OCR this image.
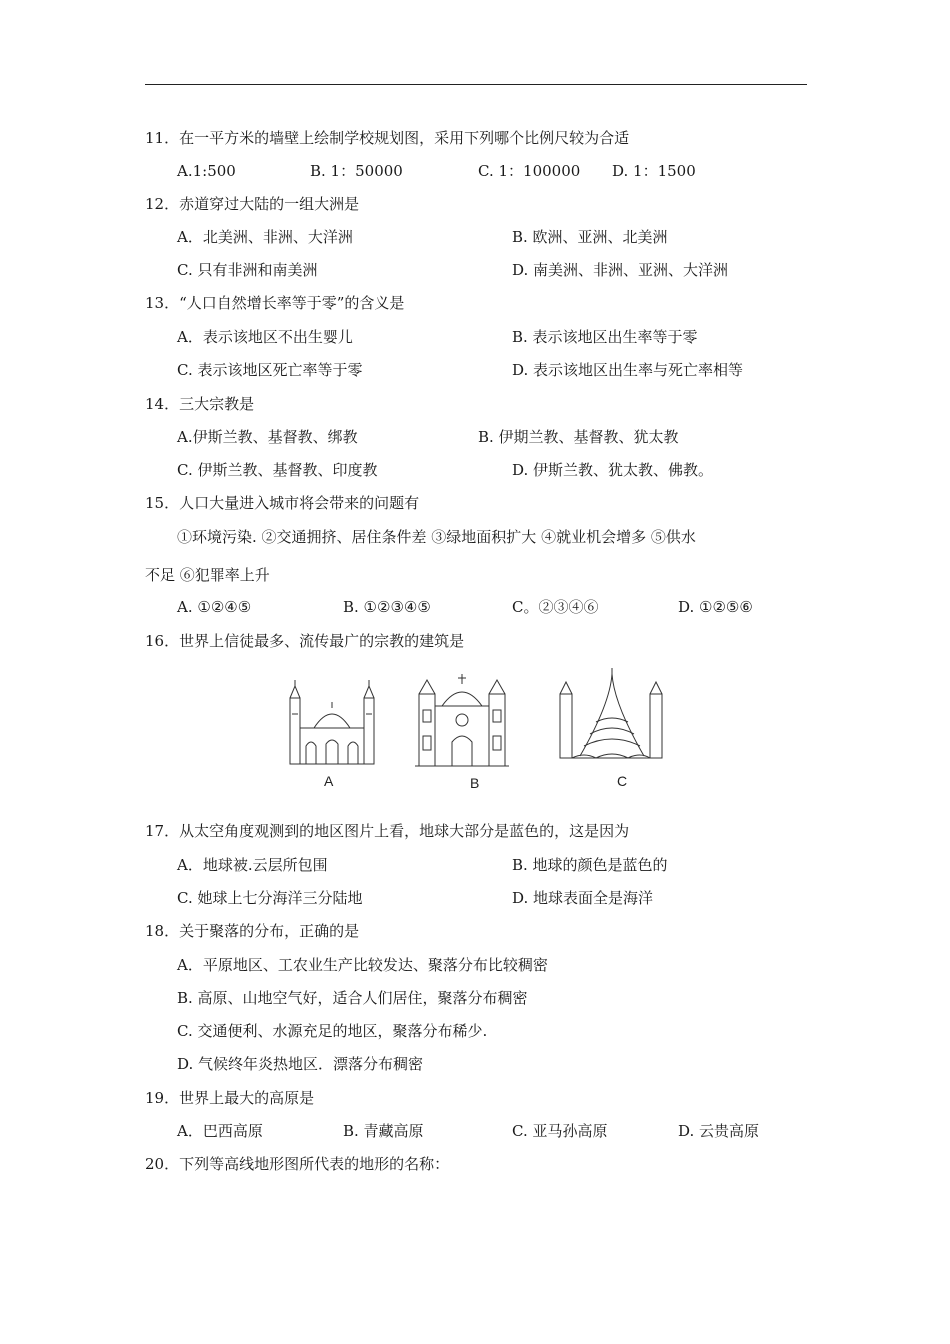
11．在一平方米的墙壁上绘制学校规划图，采用下列哪个比例尺较为合适
A.1:500	B. 1：50000	C. 1：100000 D. 1：1500
12．赤道穿过大陆的一组大洲是
A．北美洲、非洲、大洋洲	B. 欧洲、亚洲、北美洲
C. 只有非洲和南美洲	D. 南美洲、非洲、亚洲、大洋洲
13．“人口自然增长率等于零”的含义是
A．表示该地区不出生婴儿	B. 表示该地区出生率等于零
C. 表示该地区死亡率等于零	D. 表示该地区出生率与死亡率相等
14．三大宗教是
A.伊斯兰教、基督教、绑教	B. 伊期兰教、基督教、犹太教
C. 伊斯兰教、基督教、印度教	D. 伊斯兰教、犹太教、佛教。
15．人口大量进入城市将会带来的问题有
①环境污染. ②交通拥挤、居住条件差 ③绿地面积扩大 ④就业机会增多 ⑤供水
不足 ⑥犯罪率上升
A. ①②④⑤	B. ①②③④⑤	C。②③④⑥	D. ①②⑤⑥
16．世界上信徒最多、流传最广的宗教的建筑是
A	B	C
17．从太空角度观测到的地区图片上看，地球大部分是蓝色的，这是因为
A．地球被.云层所包围	B. 地球的颜色是蓝色的
C. 她球上七分海洋三分陆地	D. 地球表面全是海洋
18．关于聚落的分布，正确的是
A．平原地区、工农业生产比较发达、聚落分布比较稠密
B. 高原、山地空气好，适合人们居住，聚落分布稠密
C. 交通便利、水源充足的地区，聚落分布稀少.
D. 气候终年炎热地区．漂落分布稠密
19．世界上最大的高原是
A．巴西高原	B. 青藏高原	C. 亚马孙高原	D. 云贵高原
20．下列等高线地形图所代表的地形的名称：
